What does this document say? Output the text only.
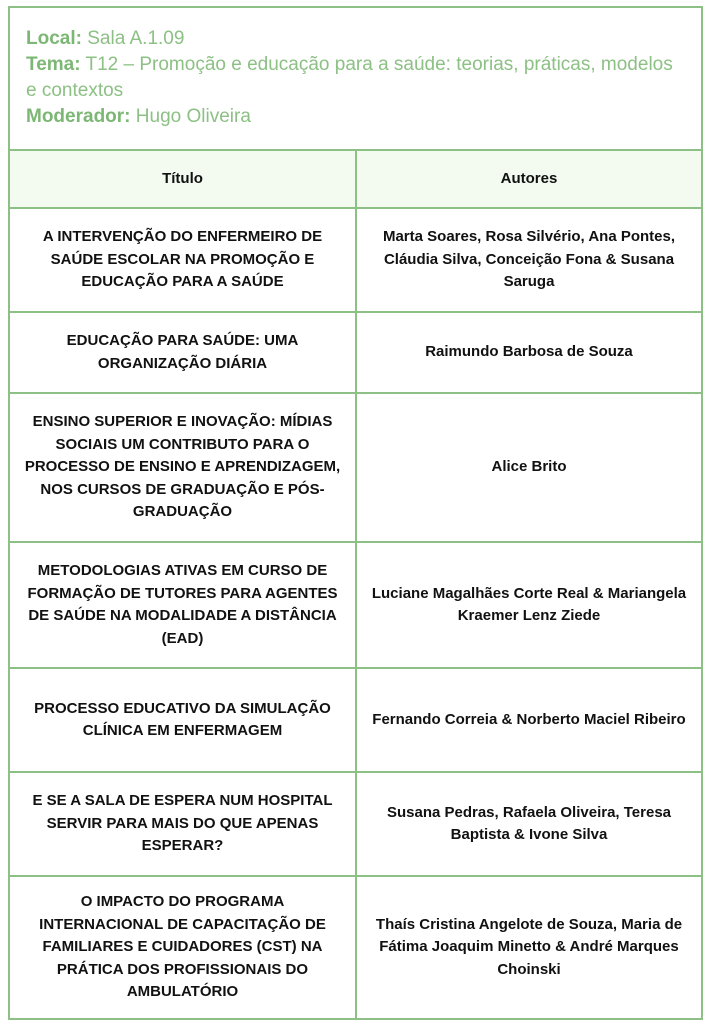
Local: Sala A.1.09
Tema: T12 – Promoção e educação para a saúde: teorias, práticas, modelos e contextos
Moderador: Hugo Oliveira
Título	Autores
A INTERVENÇÃO DO ENFERMEIRO DE SAÚDE ESCOLAR NA PROMOÇÃO E EDUCAÇÃO PARA A SAÚDE
Marta Soares, Rosa Silvério, Ana Pontes, Cláudia Silva, Conceição Fona & Susana Saruga
EDUCAÇÃO PARA SAÚDE: UMA ORGANIZAÇÃO DIÁRIA
Raimundo Barbosa de Souza
ENSINO SUPERIOR E INOVAÇÃO: MÍDIAS SOCIAIS UM CONTRIBUTO PARA O PROCESSO DE ENSINO E APRENDIZAGEM, NOS CURSOS DE GRADUAÇÃO E PÓS-GRADUAÇÃO
Alice Brito
METODOLOGIAS ATIVAS EM CURSO DE FORMAÇÃO DE TUTORES PARA AGENTES DE SAÚDE NA MODALIDADE A DISTÂNCIA (EAD)
Luciane Magalhães Corte Real & Mariangela Kraemer Lenz Ziede
PROCESSO EDUCATIVO DA SIMULAÇÃO CLÍNICA EM ENFERMAGEM
Fernando Correia & Norberto Maciel Ribeiro
E SE A SALA DE ESPERA NUM HOSPITAL SERVIR PARA MAIS DO QUE APENAS ESPERAR?
Susana Pedras, Rafaela Oliveira, Teresa Baptista & Ivone Silva
O IMPACTO DO PROGRAMA INTERNACIONAL DE CAPACITAÇÃO DE FAMILIARES E CUIDADORES (CST) NA PRÁTICA DOS PROFISSIONAIS DO AMBULATÓRIO
Thaís Cristina Angelote de Souza, Maria de Fátima Joaquim Minetto & André Marques Choinski
